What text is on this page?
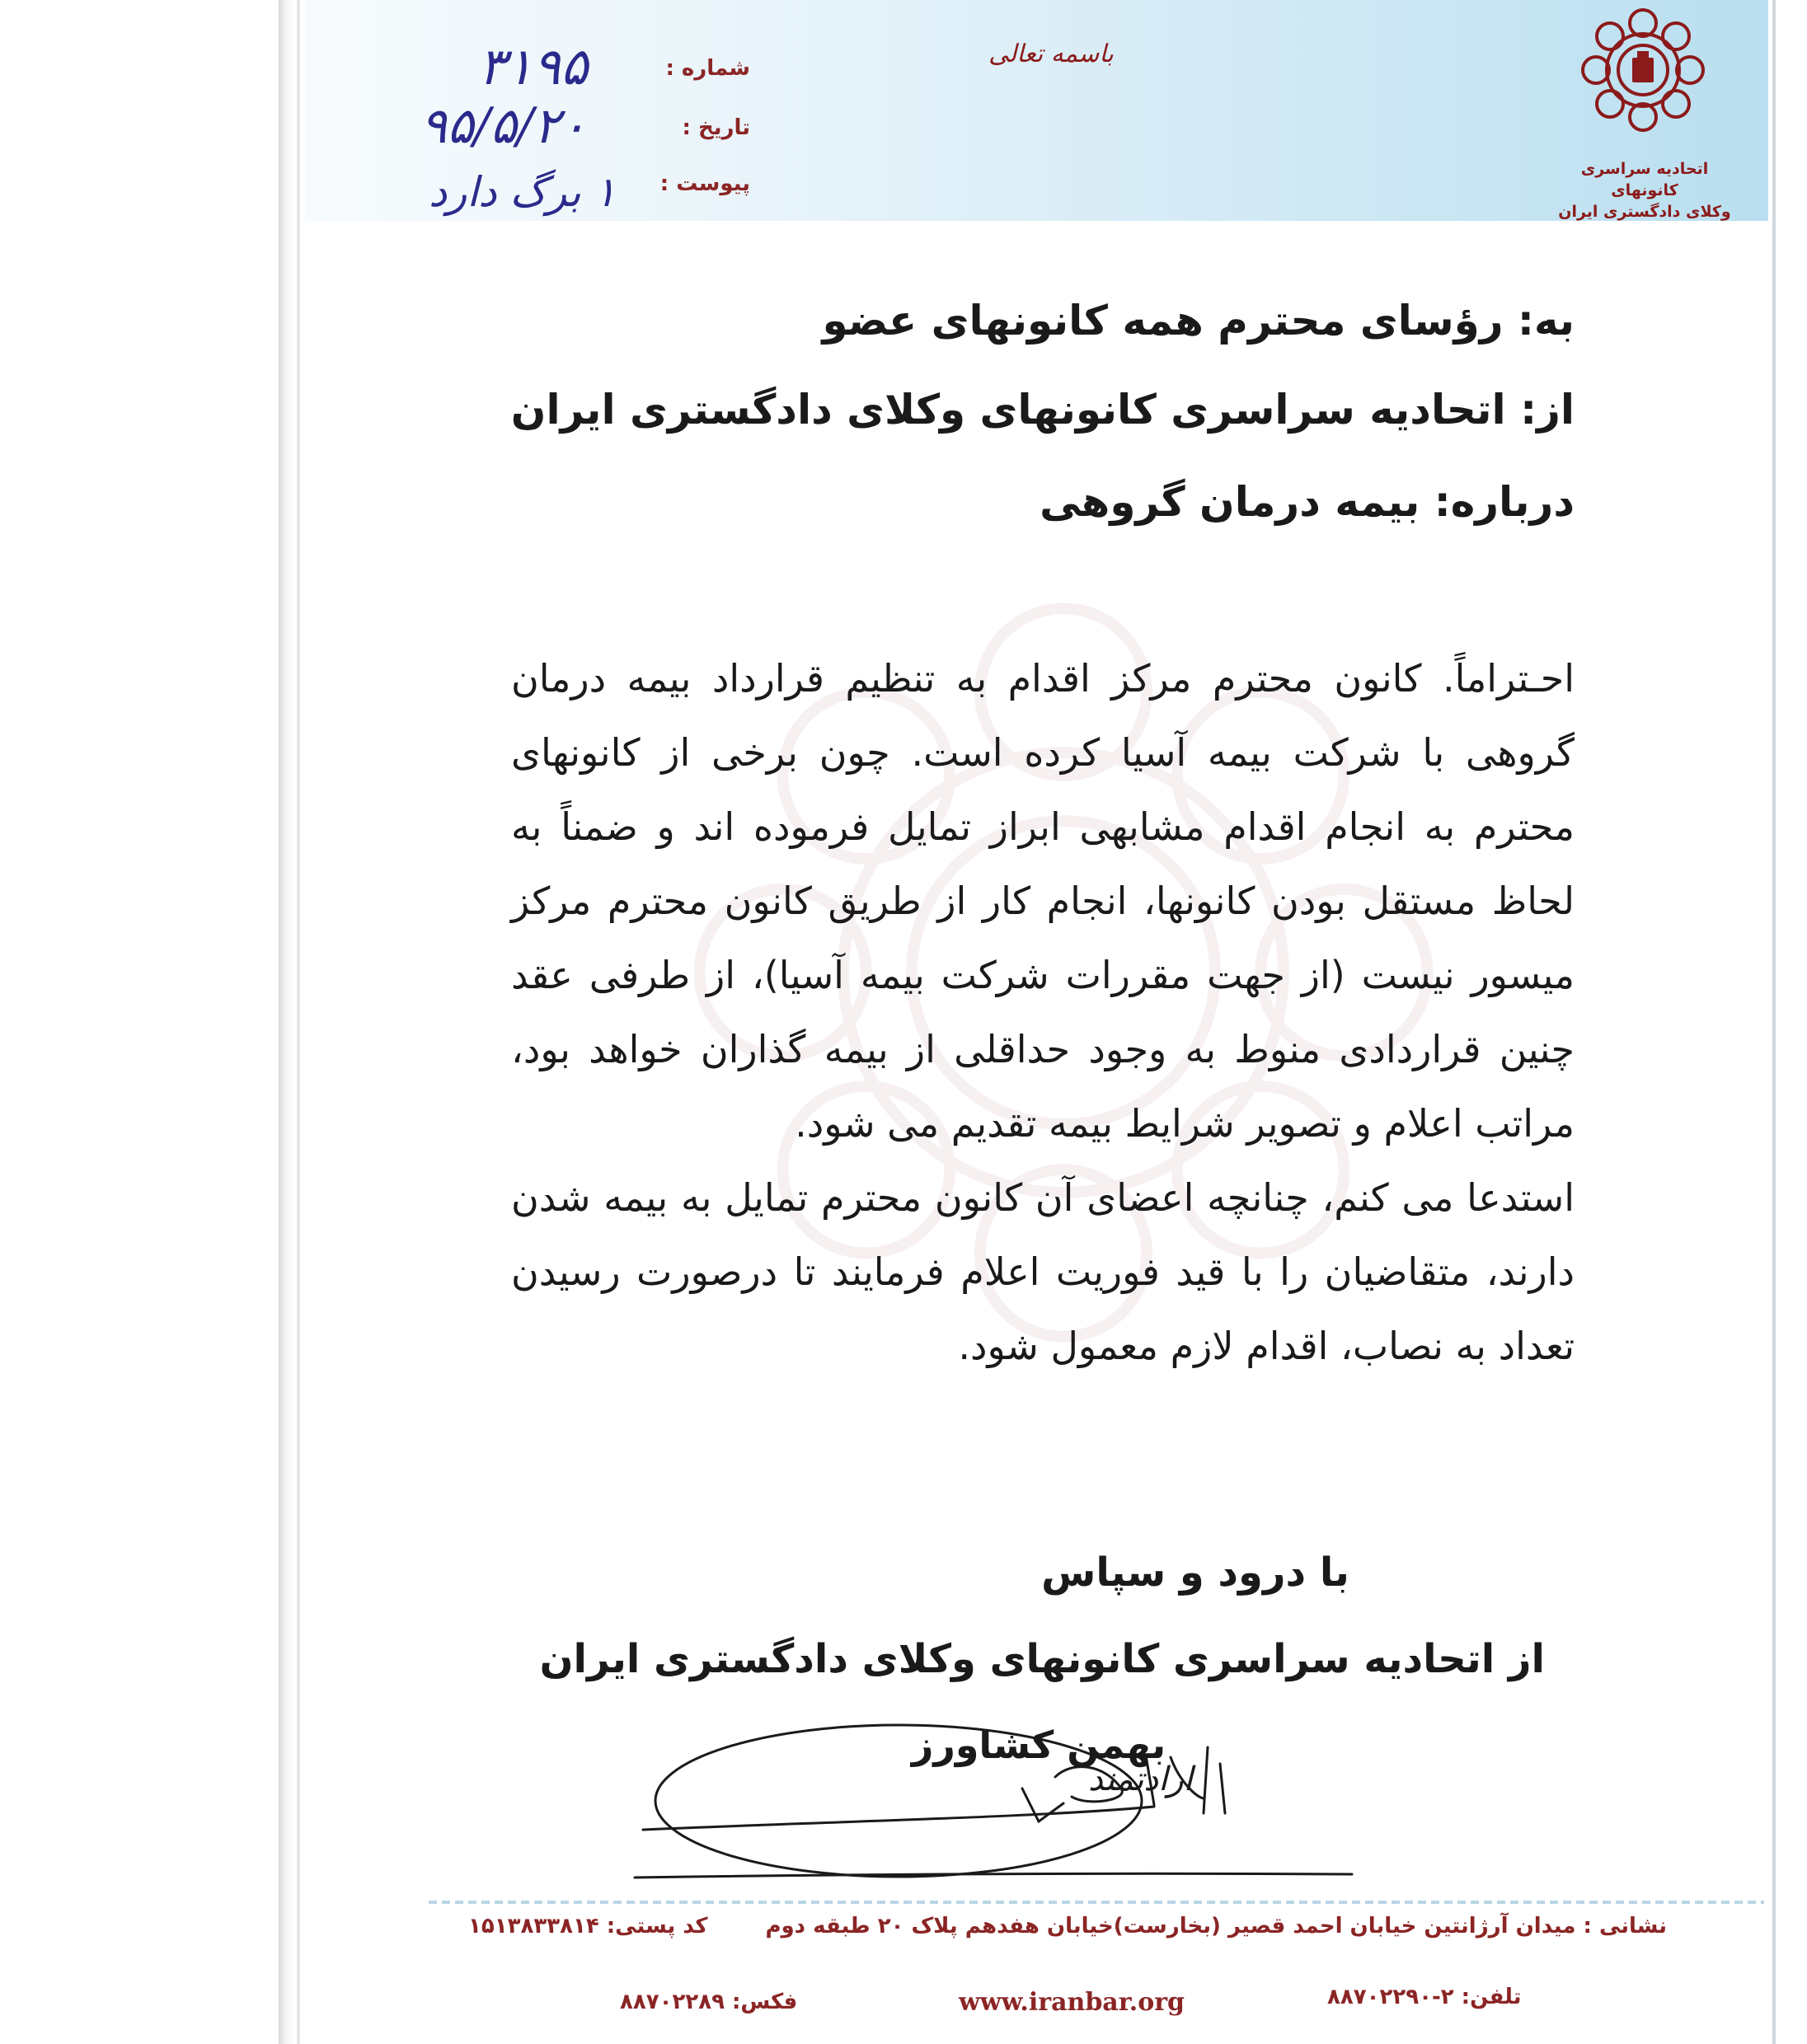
باسمه تعالی
شماره :
۳۱۹۵
تاریخ :
۹۵/۵/۲۰
پیوست :
۱ برگ دارد	اتحادیه سراسری کانونهای
وکلای دادگستری ایران
به: رؤسای محترم همه کانونهای عضو
از: اتحادیه سراسری کانونهای وکلای دادگستری ایران
درباره: بیمه درمان گروهی

احـتراماً. کانون محترم مرکز اقدام به تنظیم قرارداد بیمه درمان گروهی با شرکت بیمه آسیا کرده است. چون برخی از کانونهای محترم به انجام اقدام مشابهی ابراز تمایل فرموده اند و ضمناً به لحاظ مستقل بودن کانونها، انجام کار از طریق کانون محترم مرکز میسور نیست (از جهت مقررات شرکت بیمه آسیا)، از طرفی عقد چنین قراردادی منوط به وجود حداقلی از بیمه گذاران خواهد بود، مراتب اعلام و تصویر شرایط بیمه تقدیم می شود.

استدعا می کنم، چنانچه اعضای آن کانون محترم تمایل به بیمه شدن دارند، متقاضیان را با قید فوریت اعلام فرمایند تا درصورت رسیدن تعداد به نصاب، اقدام لازم معمول شود.

با درود و سپاس
از اتحادیه سراسری کانونهای وکلای دادگستری ایران
ارادتمند
بهمن کشاورز
نشانی : میدان آرژانتین خیابان احمد قصیر (بخارست)خیابان هفدهم پلاک ۲۰ طبقه دوم
کد پستی: ۱۵۱۳۸۳۳۸۱۴
تلفن: ۲-۸۸۷۰۲۲۹۰
www.iranbar.org
فکس: ۸۸۷۰۲۲۸۹
